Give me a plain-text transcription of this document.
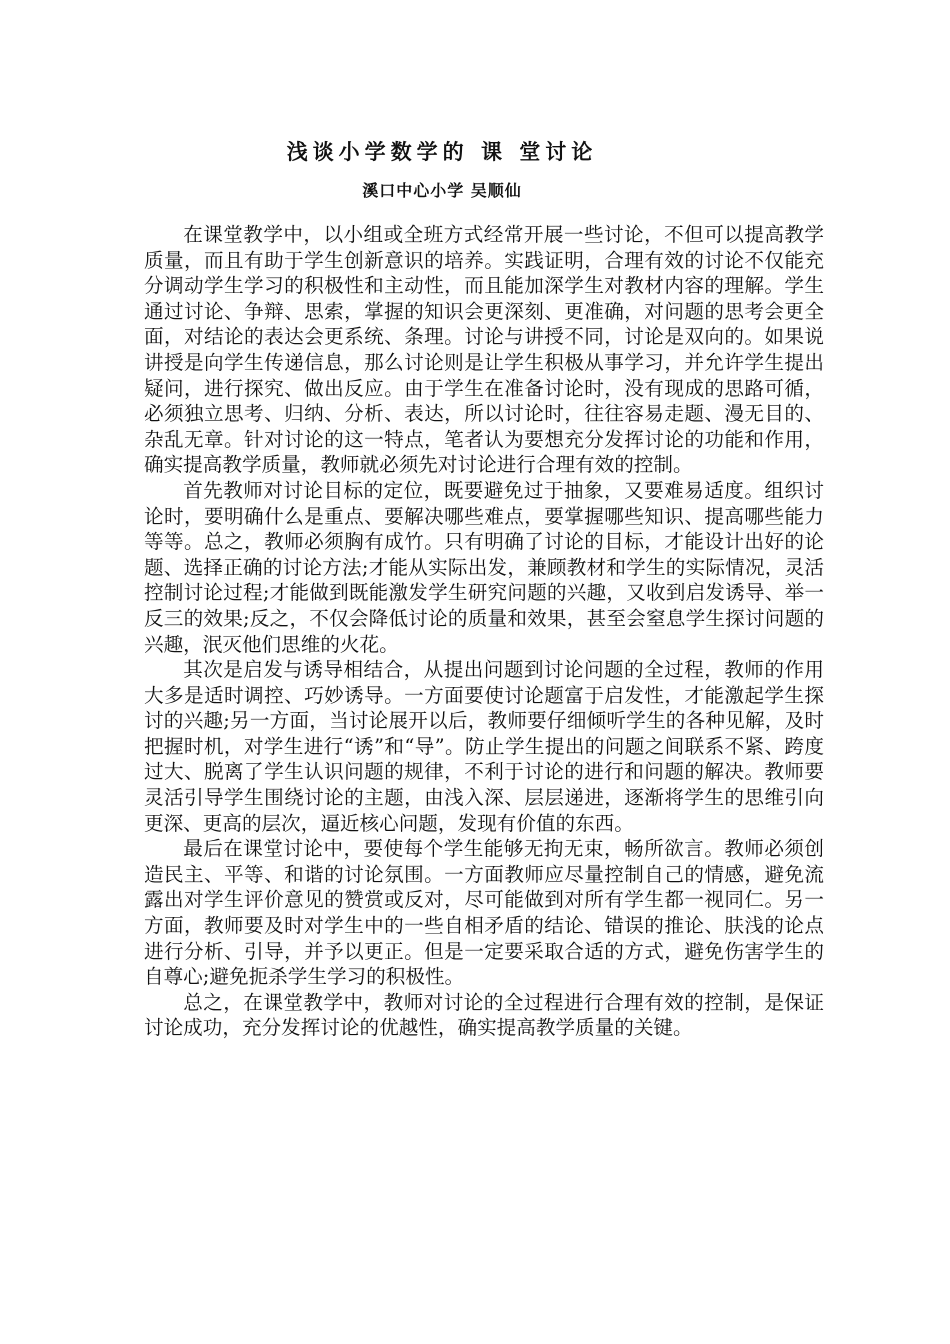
浅谈小学数学的 课 堂讨论
溪口中心小学 吴顺仙

在课堂教学中，以小组或全班方式经常开展一些讨论，不但可以提高教学质量，而且有助于学生创新意识的培养。实践证明，合理有效的讨论不仅能充分调动学生学习的积极性和主动性，而且能加深学生对教材内容的理解。学生通过讨论、争辩、思索，掌握的知识会更深刻、更准确，对问题的思考会更全面，对结论的表达会更系统、条理。讨论与讲授不同，讨论是双向的。如果说讲授是向学生传递信息，那么讨论则是让学生积极从事学习，并允许学生提出疑问，进行探究、做出反应。由于学生在准备讨论时，没有现成的思路可循，必须独立思考、归纳、分析、表达，所以讨论时，往往容易走题、漫无目的、杂乱无章。针对讨论的这一特点，笔者认为要想充分发挥讨论的功能和作用，确实提高教学质量，教师就必须先对讨论进行合理有效的控制。

首先教师对讨论目标的定位，既要避免过于抽象，又要难易适度。组织讨论时，要明确什么是重点、要解决哪些难点，要掌握哪些知识、提高哪些能力等等。总之，教师必须胸有成竹。只有明确了讨论的目标，才能设计出好的论题、选择正确的讨论方法;才能从实际出发，兼顾教材和学生的实际情况，灵活控制讨论过程;才能做到既能激发学生研究问题的兴趣，又收到启发诱导、举一反三的效果;反之，不仅会降低讨论的质量和效果，甚至会窒息学生探讨问题的兴趣，泯灭他们思维的火花。

其次是启发与诱导相结合，从提出问题到讨论问题的全过程，教师的作用大多是适时调控、巧妙诱导。一方面要使讨论题富于启发性，才能激起学生探讨的兴趣;另一方面，当讨论展开以后，教师要仔细倾听学生的各种见解，及时把握时机，对学生进行“诱”和“导”。防止学生提出的问题之间联系不紧、跨度过大、脱离了学生认识问题的规律，不利于讨论的进行和问题的解决。教师要灵活引导学生围绕讨论的主题，由浅入深、层层递进，逐渐将学生的思维引向更深、更高的层次，逼近核心问题，发现有价值的东西。

最后在课堂讨论中，要使每个学生能够无拘无束，畅所欲言。教师必须创造民主、平等、和谐的讨论氛围。一方面教师应尽量控制自己的情感，避免流露出对学生评价意见的赞赏或反对，尽可能做到对所有学生都一视同仁。另一方面，教师要及时对学生中的一些自相矛盾的结论、错误的推论、肤浅的论点进行分析、引导，并予以更正。但是一定要采取合适的方式，避免伤害学生的自尊心;避免扼杀学生学习的积极性。

总之，在课堂教学中，教师对讨论的全过程进行合理有效的控制，是保证讨论成功，充分发挥讨论的优越性，确实提高教学质量的关键。
